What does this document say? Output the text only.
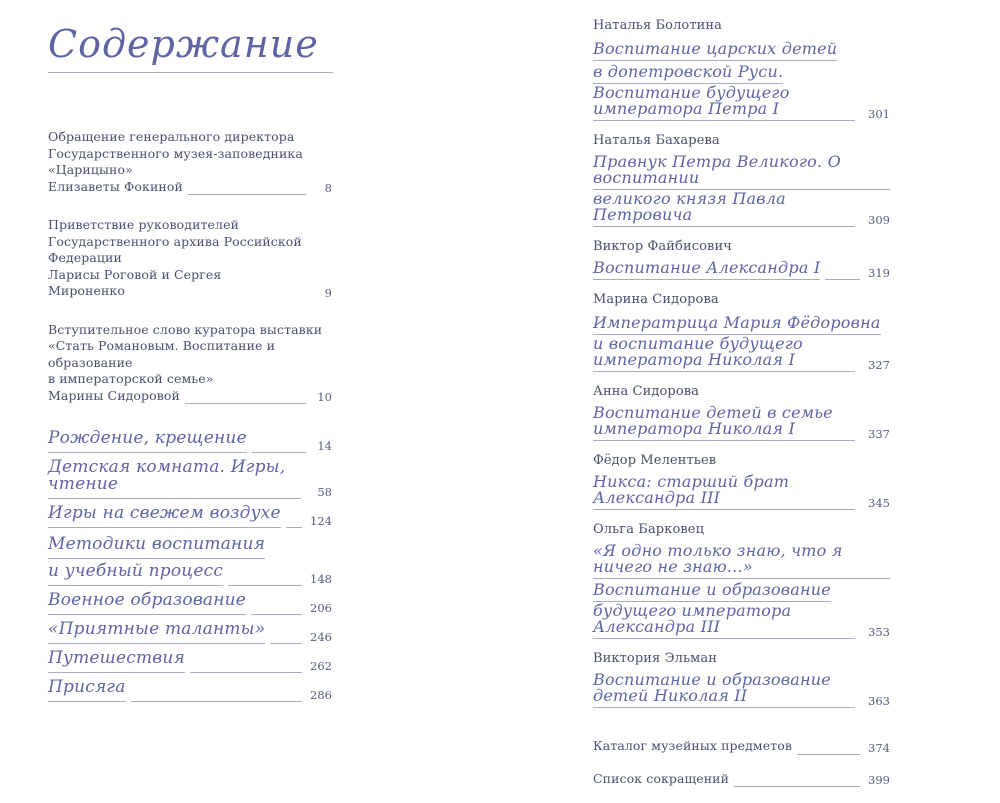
Содержание
Обращение генерального директора
Государственного музея-заповедника «Царицыно»
Елизаветы Фокиной	8
Приветствие руководителей
Государственного архива Российской Федерации
Ларисы Роговой и Сергея Мироненко	9
Вступительное слово куратора выставки
«Стать Романовым. Воспитание и образование
в императорской семье»
Марины Сидоровой	10
Рождение, крещение	14
Детская комната. Игры, чтение	58
Игры на свежем воздухе	124
Методики воспитания
и учебный процесс	148
Военное образование	206
«Приятные таланты»	246
Путешествия	262
Присяга	286
Наталья Болотина
Воспитание царских детей
в допетровской Руси.
Воспитание будущего императора Петра I	301
Наталья Бахарева
Правнук Петра Великого. О воспитании
великого князя Павла Петровича	309
Виктор Файбисович
Воспитание Александра I	319
Марина Сидорова
Императрица Мария Фёдоровна
и воспитание будущего императора Николая I	327
Анна Сидорова
Воспитание детей в семье императора Николая I	337
Фёдор Мелентьев
Никса: старший брат Александра III	345
Ольга Барковец
«Я одно только знаю, что я ничего не знаю...»
Воспитание и образование
будущего императора Александра III	353
Виктория Эльман
Воспитание и образование детей Николая II	363
Каталог музейных предметов	374
Список сокращений	399
